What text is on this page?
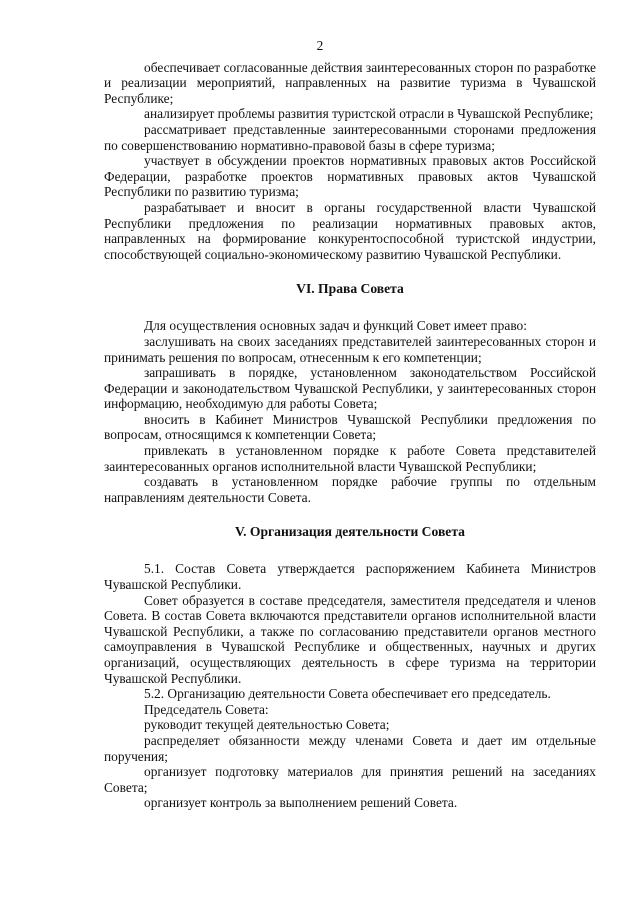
2

обеспечивает согласованные действия заинтересованных сторон по разработке и реализации мероприятий, направленных на развитие туризма в Чувашской Республике;

анализирует проблемы развития туристской отрасли в Чувашской Республике;

рассматривает представленные заинтересованными сторонами предложения по совершенствованию нормативно-правовой базы в сфере туризма;

участвует в обсуждении проектов нормативных правовых актов Российской Федерации, разработке проектов нормативных правовых актов Чувашской Республики по развитию туризма;

разрабатывает и вносит в органы государственной власти Чувашской Республики предложения по реализации нормативных правовых актов, направленных на формирование конкурентоспособной туристской индустрии, способствующей социально-экономическому развитию Чувашской Республики.

VI. Права Совета

Для осуществления основных задач и функций Совет имеет право:

заслушивать на своих заседаниях представителей заинтересованных сторон и принимать решения по вопросам, отнесенным к его компетенции;

запрашивать в порядке, установленном законодательством Российской Федерации и законодательством Чувашской Республики, у заинтересованных сторон информацию, необходимую для работы Совета;

вносить в Кабинет Министров Чувашской Республики предложения по вопросам, относящимся к компетенции Совета;

привлекать в установленном порядке к работе Совета представителей заинтересованных органов исполнительной власти Чувашской Республики;

создавать в установленном порядке рабочие группы по отдельным направлениям деятельности Совета.

V. Организация деятельности Совета

5.1. Состав Совета утверждается распоряжением Кабинета Министров Чувашской Республики.

Совет образуется в составе председателя, заместителя председателя и членов Совета. В состав Совета включаются представители органов исполнительной власти Чувашской Республики, а также по согласованию представители органов местного самоуправления в Чувашской Республике и общественных, научных и других организаций, осуществляющих деятельность в сфере туризма на территории Чувашской Республики.

5.2. Организацию деятельности Совета обеспечивает его председатель.

Председатель Совета:

руководит текущей деятельностью Совета;

распределяет обязанности между членами Совета и дает им отдельные поручения;

организует подготовку материалов для принятия решений на заседаниях Совета;

организует контроль за выполнением решений Совета.
